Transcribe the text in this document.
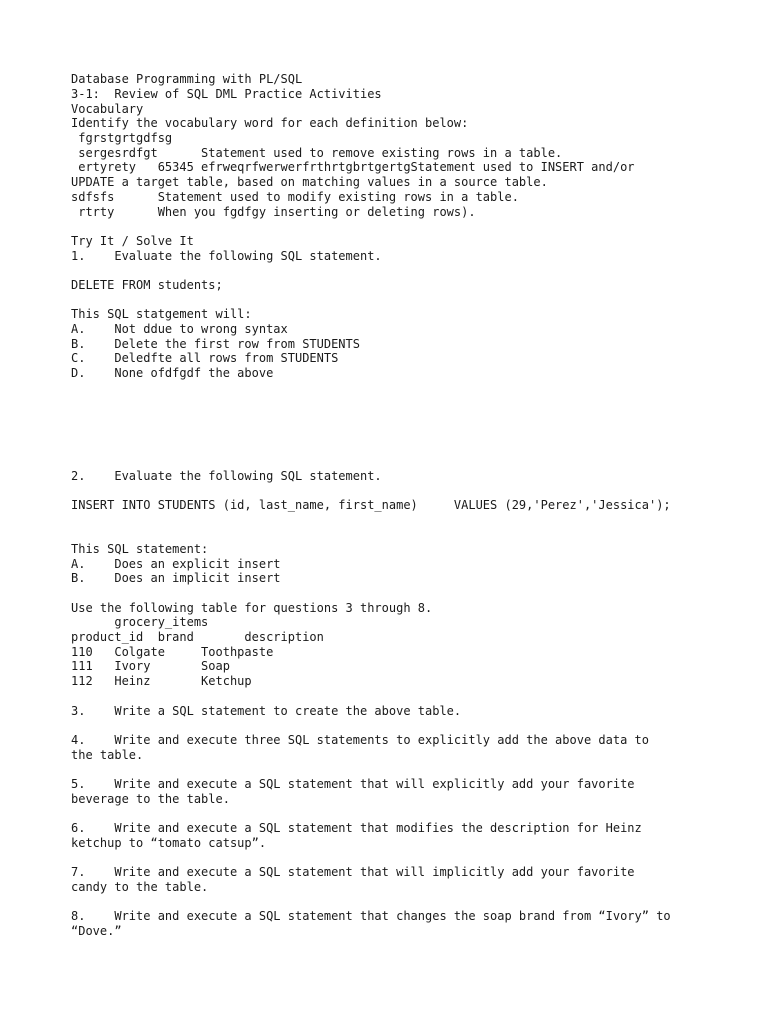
Database Programming with PL/SQL

3-1:  Review of SQL DML Practice Activities

Vocabulary

Identify the vocabulary word for each definition below:

fgrstgrtgdfsg

sergesrdfgt      Statement used to remove existing rows in a table.

ertyrety   65345 efrweqrfwerwerfrthrtgbrtgertgStatement used to INSERT and/or

UPDATE a target table, based on matching values in a source table.

sdfsfs      Statement used to modify existing rows in a table.

rtrty      When you fgdfgy inserting or deleting rows).

Try It / Solve It

1.    Evaluate the following SQL statement.

DELETE FROM students;

This SQL statgement will:

A.    Not ddue to wrong syntax

B.    Delete the first row from STUDENTS

C.    Deledfte all rows from STUDENTS

D.    None ofdfgdf the above

2.    Evaluate the following SQL statement.

INSERT INTO STUDENTS (id, last_name, first_name)     VALUES (29,'Perez','Jessica');

This SQL statement:

A.    Does an explicit insert

B.    Does an implicit insert

Use the following table for questions 3 through 8.

grocery_items

product_id  brand       description

110   Colgate     Toothpaste

111   Ivory       Soap

112   Heinz       Ketchup

3.    Write a SQL statement to create the above table.

4.    Write and execute three SQL statements to explicitly add the above data to

the table.

5.    Write and execute a SQL statement that will explicitly add your favorite

beverage to the table.

6.    Write and execute a SQL statement that modifies the description for Heinz

ketchup to “tomato catsup”.

7.    Write and execute a SQL statement that will implicitly add your favorite

candy to the table.

8.    Write and execute a SQL statement that changes the soap brand from “Ivory” to

“Dove.”
